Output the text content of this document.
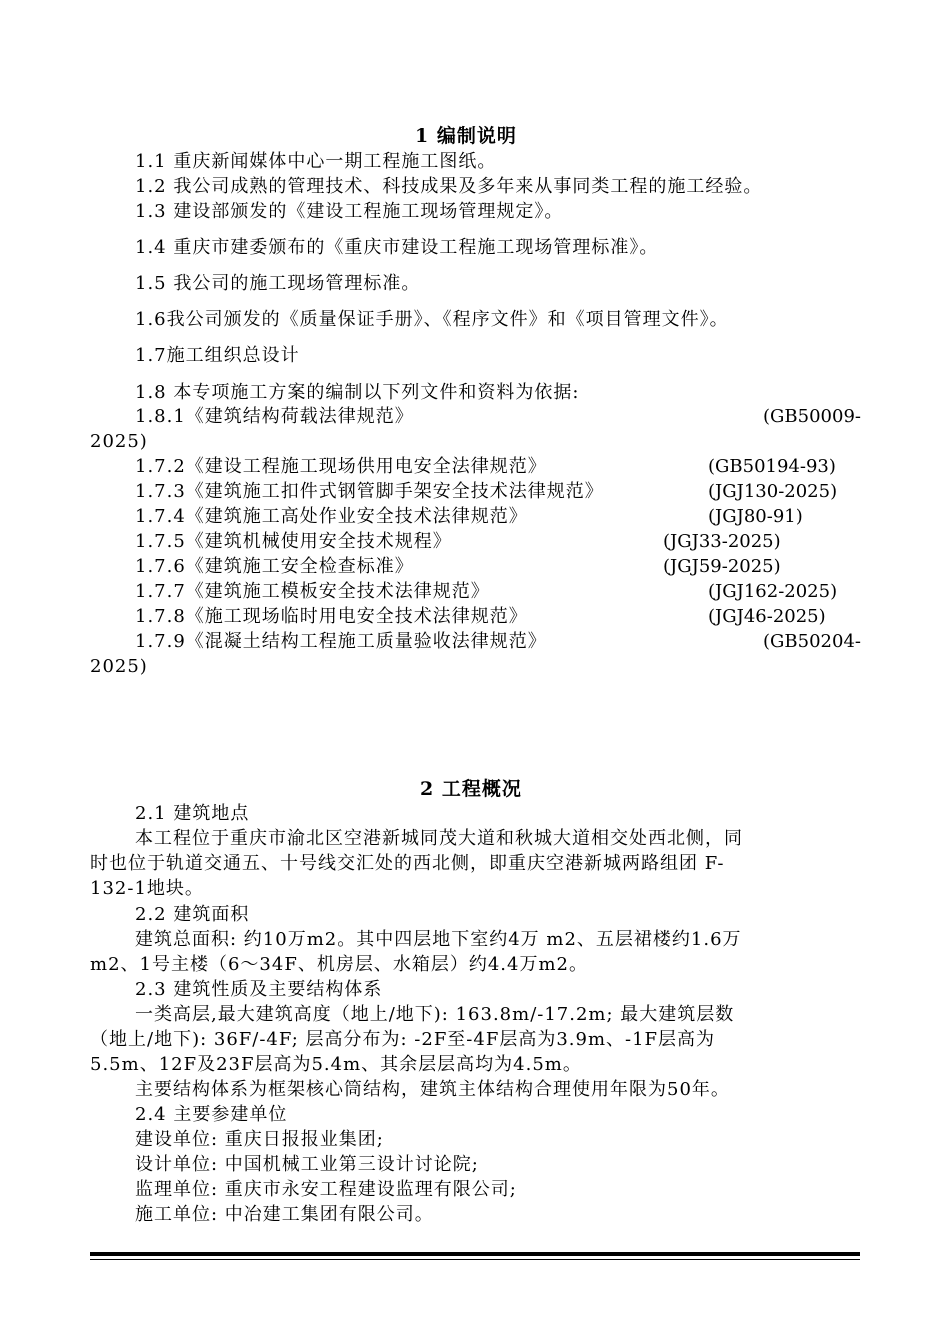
1 编制说明
1.1 重庆新闻媒体中心一期工程施工图纸。
1.2 我公司成熟的管理技术、科技成果及多年来从事同类工程的施工经验。
1.3 建设部颁发的《建设工程施工现场管理规定》。
1.4 重庆市建委颁布的《重庆市建设工程施工现场管理标准》。
1.5 我公司的施工现场管理标准。
1.6我公司颁发的《质量保证手册》、《程序文件》和《项目管理文件》。
1.7施工组织总设计
1.8 本专项施工方案的编制以下列文件和资料为依据:
1.8.1《建筑结构荷载法律规范》	(GB50009-
2025)
1.7.2《建设工程施工现场供用电安全法律规范》	(GB50194-93)
1.7.3《建筑施工扣件式钢管脚手架安全技术法律规范》	(JGJ130-2025)
1.7.4《建筑施工高处作业安全技术法律规范》	(JGJ80-91)
1.7.5《建筑机械使用安全技术规程》	(JGJ33-2025)
1.7.6《建筑施工安全检查标准》	(JGJ59-2025)
1.7.7《建筑施工模板安全技术法律规范》	(JGJ162-2025)
1.7.8《施工现场临时用电安全技术法律规范》	(JGJ46-2025)
1.7.9《混凝土结构工程施工质量验收法律规范》	(GB50204-
2025)
2 工程概况
2.1 建筑地点
本工程位于重庆市渝北区空港新城同茂大道和秋城大道相交处西北侧，同
时也位于轨道交通五、十号线交汇处的西北侧，即重庆空港新城两路组团 F-
132-1地块。
2.2 建筑面积
建筑总面积: 约10万m2。其中四层地下室约4万 m2、五层裙楼约1.6万
m2、1号主楼（6～34F、机房层、水箱层）约4.4万m2。
2.3 建筑性质及主要结构体系
一类高层,最大建筑高度（地上/地下): 163.8m/-17.2m; 最大建筑层数
（地上/地下): 36F/-4F; 层高分布为: -2F至-4F层高为3.9m、-1F层高为
5.5m、12F及23F层高为5.4m、其余层层高均为4.5m。
主要结构体系为框架核心筒结构，建筑主体结构合理使用年限为50年。
2.4 主要参建单位
建设单位: 重庆日报报业集团;
设计单位: 中国机械工业第三设计讨论院;
监理单位: 重庆市永安工程建设监理有限公司;
施工单位: 中冶建工集团有限公司。
